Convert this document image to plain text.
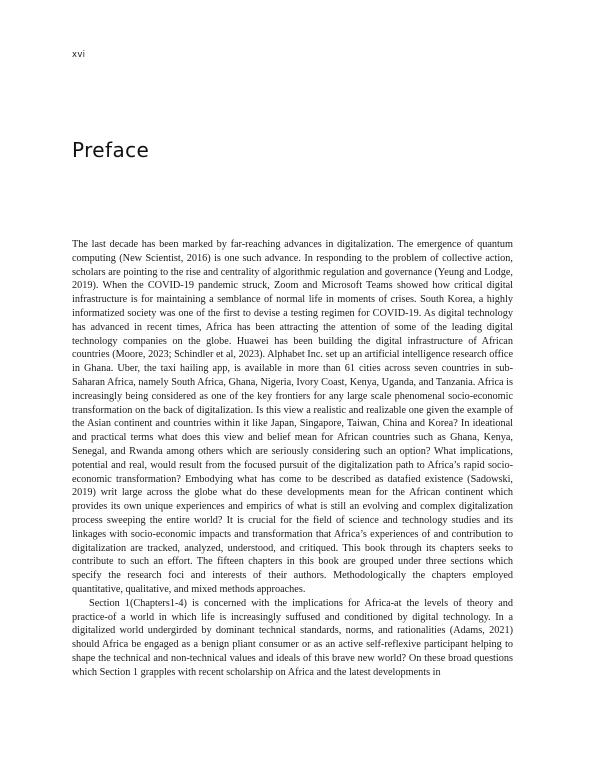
xvi
Preface

The last decade has been marked by far-reaching advances in digitalization. The emergence of quantum computing (New Scientist, 2016) is one such advance. In responding to the problem of collective action, scholars are pointing to the rise and centrality of algorithmic regulation and governance (Yeung and Lodge, 2019). When the COVID-19 pandemic struck, Zoom and Microsoft Teams showed how critical digital infrastructure is for maintaining a semblance of normal life in moments of crises. South Korea, a highly informatized society was one of the first to devise a testing regimen for COVID-19. As digital technology has advanced in recent times, Africa has been attracting the attention of some of the leading digital technology companies on the globe. Huawei has been building the digital infrastructure of African countries (Moore, 2023; Schindler et al, 2023). Alphabet Inc. set up an artificial intelligence research office in Ghana. Uber, the taxi hailing app, is available in more than 61 cities across seven countries in sub-Saharan Africa, namely South Africa, Ghana, Nigeria, Ivory Coast, Kenya, Uganda, and Tanzania. Africa is increasingly being considered as one of the key frontiers for any large scale phenomenal socio-economic transformation on the back of digitalization. Is this view a realistic and realizable one given the example of the Asian continent and countries within it like Japan, Singapore, Taiwan, China and Korea? In ideational and practical terms what does this view and belief mean for African countries such as Ghana, Kenya, Senegal, and Rwanda among others which are seriously considering such an option? What implications, potential and real, would result from the focused pursuit of the digitalization path to Africa’s rapid socio-economic transformation? Embodying what has come to be described as datafied existence (Sadowski, 2019) writ large across the globe what do these developments mean for the African continent which provides its own unique experiences and empirics of what is still an evolving and complex digitalization process sweeping the entire world? It is crucial for the field of science and technology studies and its linkages with socio-economic impacts and transformation that Africa’s experiences of and contribution to digitalization are tracked, analyzed, understood, and critiqued. This book through its chapters seeks to contribute to such an effort. The fifteen chapters in this book are grouped under three sections which specify the research foci and interests of their authors. Methodologically the chapters employed quantitative, qualitative, and mixed methods approaches.

Section 1(Chapters1-4) is concerned with the implications for Africa-at the levels of theory and practice-of a world in which life is increasingly suffused and conditioned by digital technology. In a digitalized world undergirded by dominant technical standards, norms, and rationalities (Adams, 2021) should Africa be engaged as a benign pliant consumer or as an active self-reflexive participant helping to shape the technical and non-technical values and ideals of this brave new world? On these broad questions which Section 1 grapples with recent scholarship on Africa and the latest developments in
